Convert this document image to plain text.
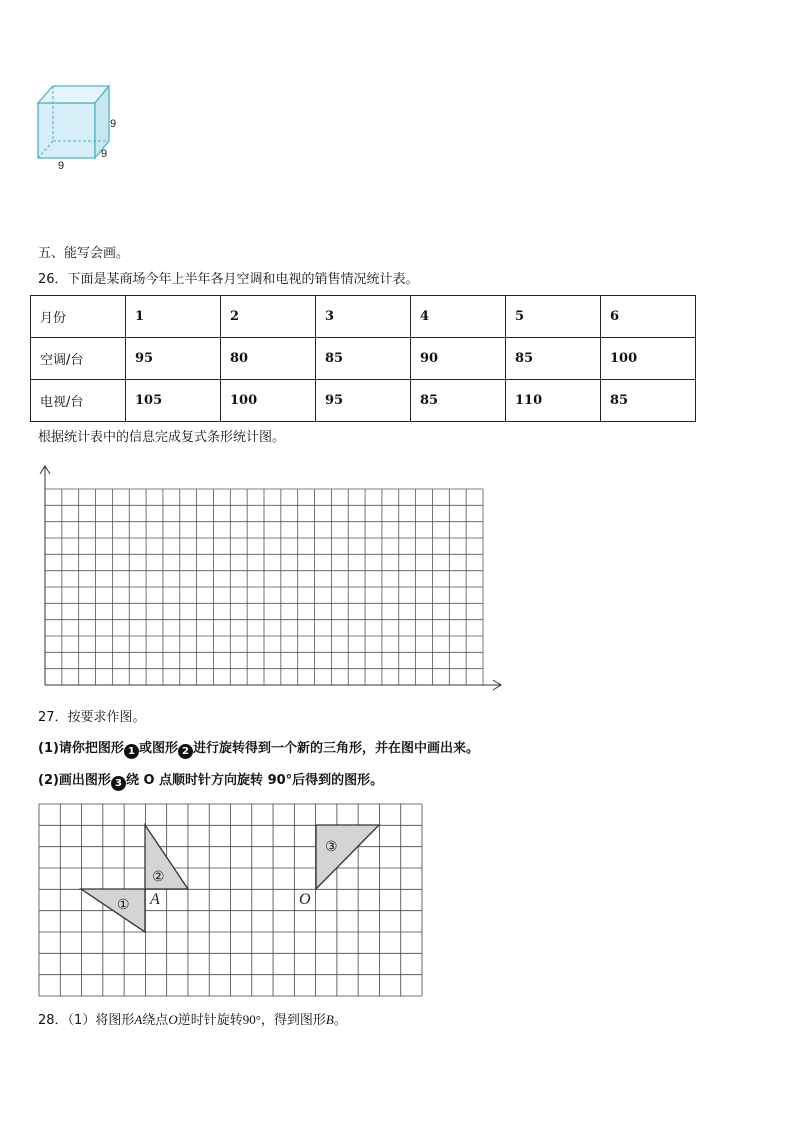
9
9
9
五、能写会画。
26．下面是某商场今年上半年各月空调和电视的销售情况统计表。
月份	1	2	3	4	5	6
空调/台	95	80	85	90	85	100
电视/台	105	100	95	85	110	85
根据统计表中的信息完成复式条形统计图。
27．按要求作图。
(1)请你把图形 1 或图形 2 进行旋转得到一个新的三角形，并在图中画出来。
(2)画出图形 3 绕 O 点顺时针方向旋转 90°后得到的图形。
①
②
③
A	O
28．（1）将图形A绕点O逆时针旋转90°，得到图形B。
